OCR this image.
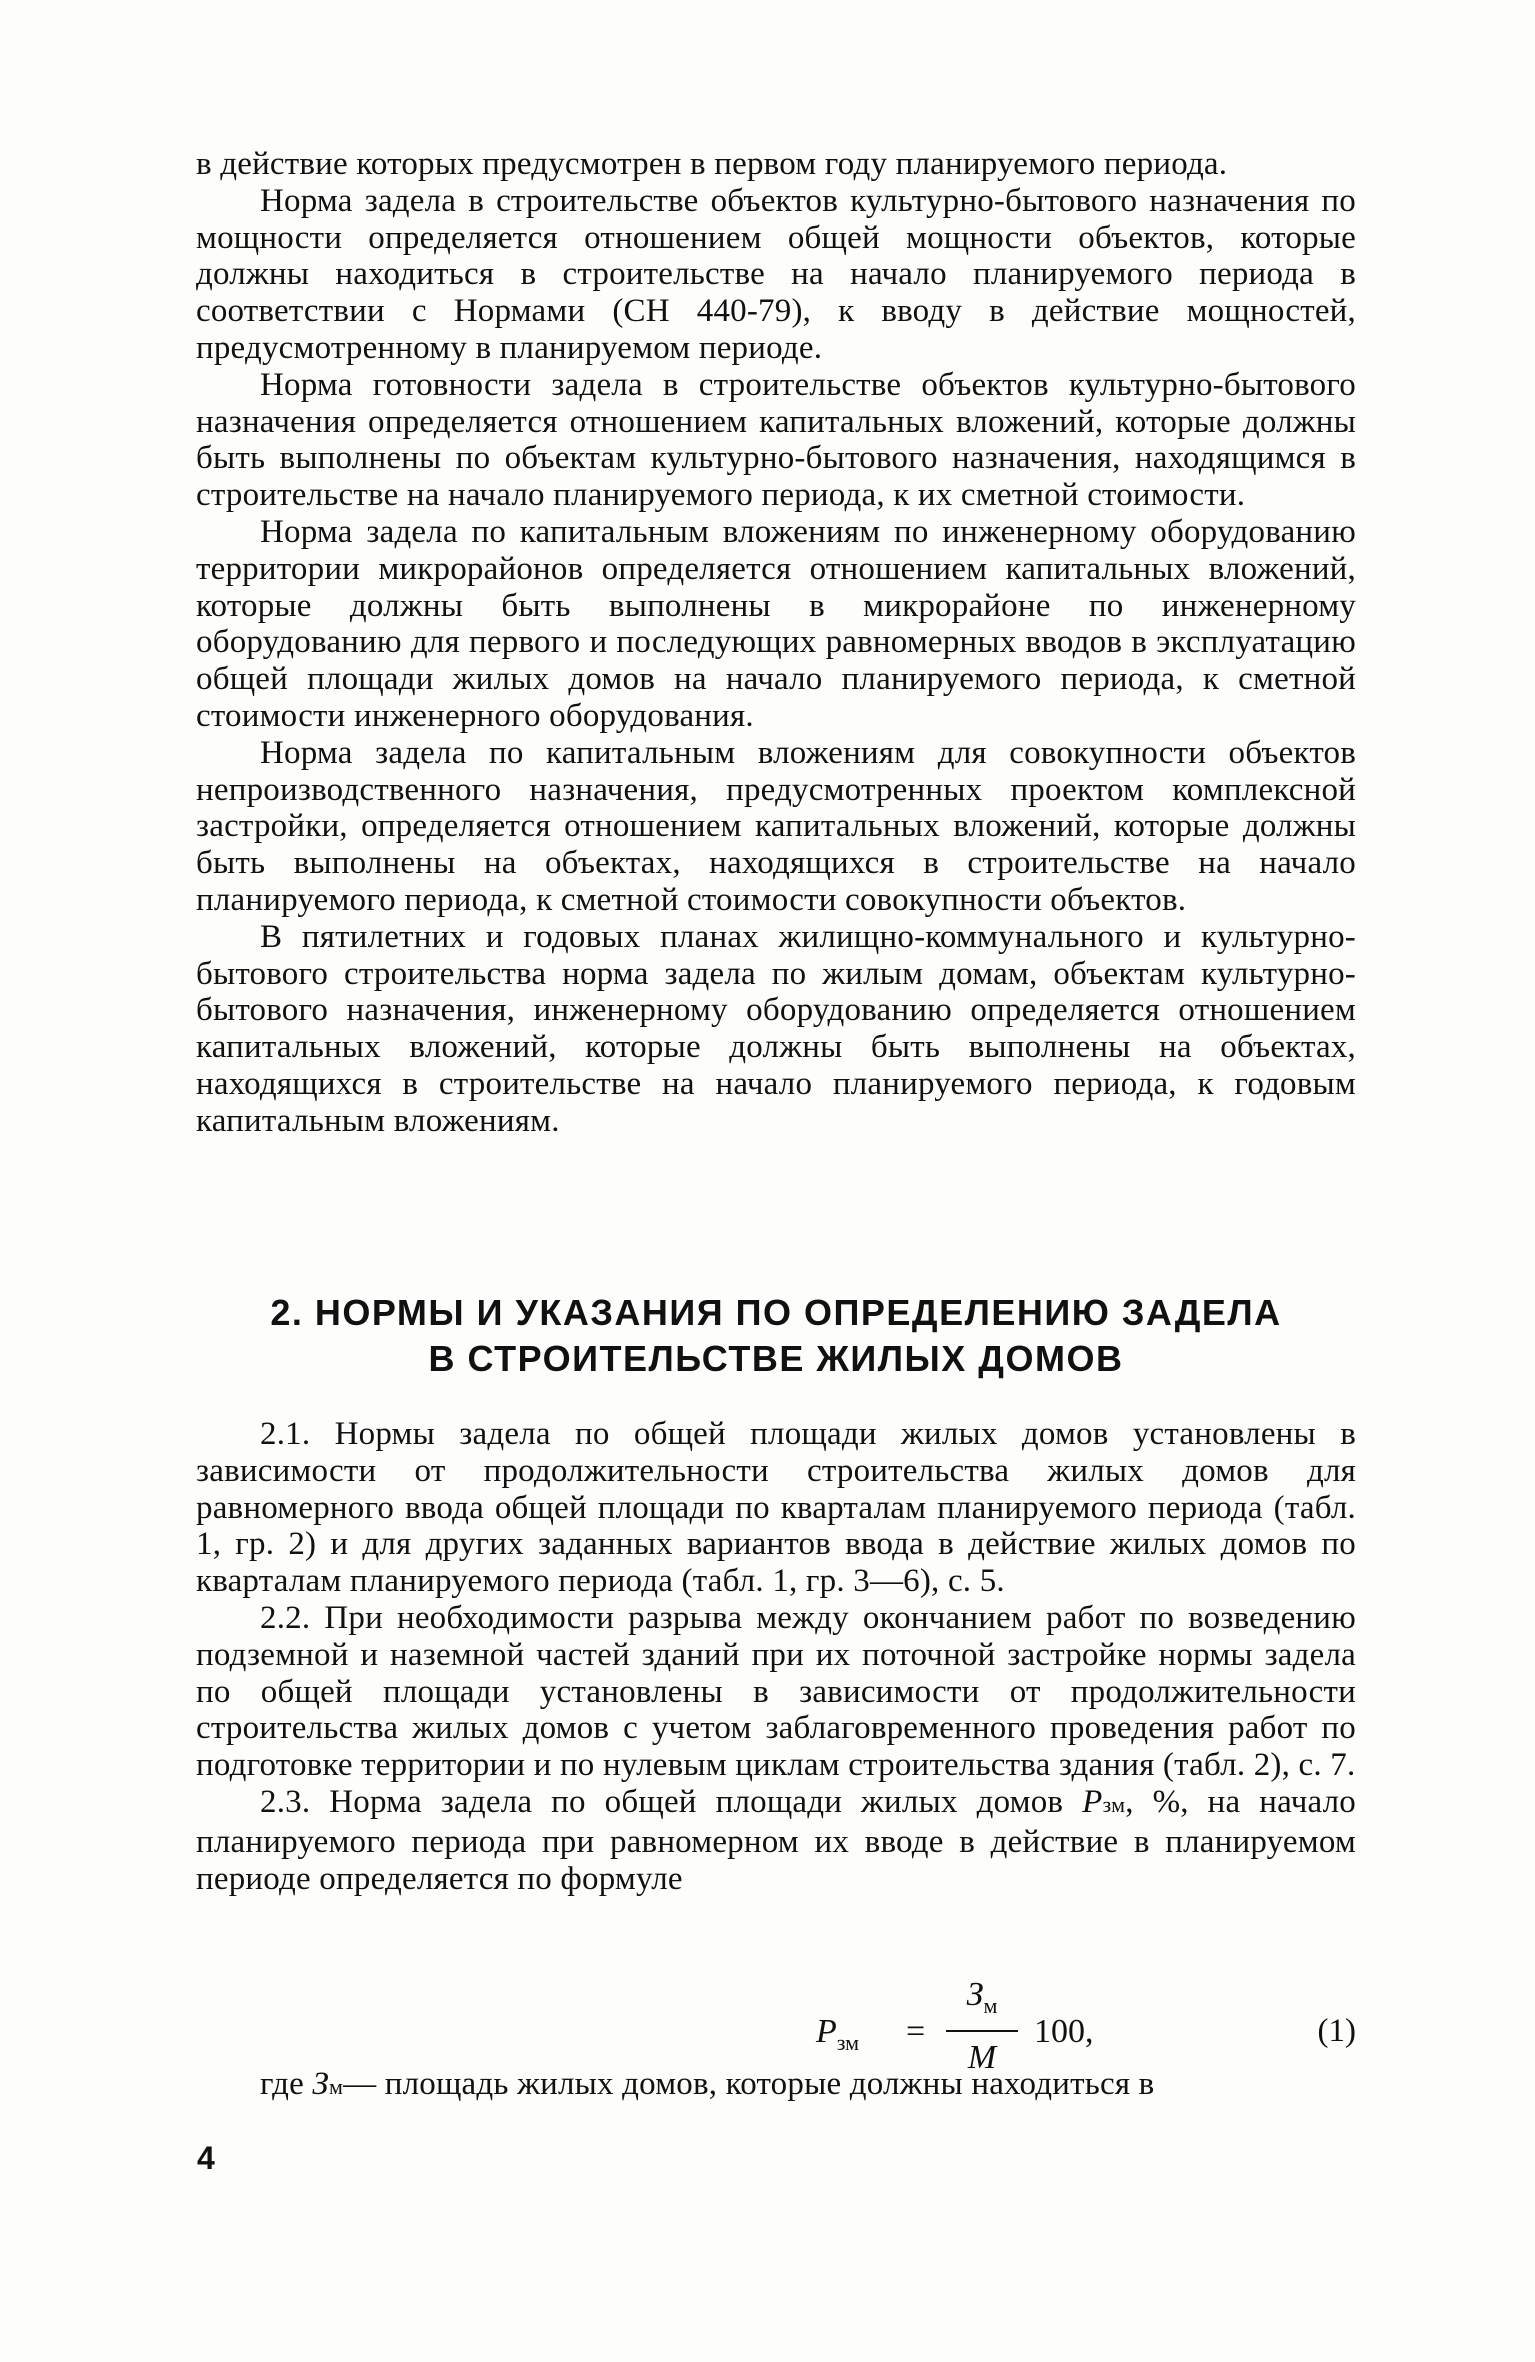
в действие которых предусмотрен в первом году планируемого периода.

Норма задела в строительстве объектов культурно-бытового назначения по мощности определяется отношением общей мощности объектов, которые должны находиться в строительстве на начало планируемого периода в соответствии с Нормами (СН 440-79), к вводу в действие мощностей, предусмотренному в планируемом периоде.

Норма готовности задела в строительстве объектов культурно-бытового назначения определяется отношением капитальных вложений, которые должны быть выполнены по объектам культурно-бытового назначения, находящимся в строительстве на начало планируемого периода, к их сметной стоимости.

Норма задела по капитальным вложениям по инженерному оборудованию территории микрорайонов определяется отношением капитальных вложений, которые должны быть выполнены в микрорайоне по инженерному оборудованию для первого и последующих равномерных вводов в эксплуатацию общей площади жилых домов на начало планируемого периода, к сметной стоимости инженерного оборудования.

Норма задела по капитальным вложениям для совокупности объектов непроизводственного назначения, предусмотренных проектом комплексной застройки, определяется отношением капитальных вложений, которые должны быть выполнены на объектах, находящихся в строительстве на начало планируемого периода, к сметной стоимости совокупности объектов.

В пятилетних и годовых планах жилищно-коммунального и культурно-бытового строительства норма задела по жилым домам, объектам культурно-бытового назначения, инженерному оборудованию определяется отношением капитальных вложений, которые должны быть выполнены на объектах, находящихся в строительстве на начало планируемого периода, к годовым капитальным вложениям.

2. НОРМЫ И УКАЗАНИЯ ПО ОПРЕДЕЛЕНИЮ ЗАДЕЛА

В СТРОИТЕЛЬСТВЕ ЖИЛЫХ ДОМОВ

2.1. Нормы задела по общей площади жилых домов установлены в зависимости от продолжительности строительства жилых домов для равномерного ввода общей площади по кварталам планируемого периода (табл. 1, гр. 2) и для других заданных вариантов ввода в действие жилых домов по кварталам планируемого периода (табл. 1, гр. 3—6), с. 5.

2.2. При необходимости разрыва между окончанием работ по возведению подземной и наземной частей зданий при их поточной застройке нормы задела по общей площади установлены в зависимости от продолжительности строительства жилых домов с учетом заблаговременного проведения работ по подготовке территории и по нулевым циклам строительства здания (табл. 2), с. 7.

2.3. Норма задела по общей площади жилых домов Pзм, %, на начало планируемого периода при равномерном их вводе в действие в планируемом периоде определяется по формуле

$P_{зм}$ =
$З_м$
М
100,	(1)

где Зм— площадь жилых домов, которые должны находиться в

4
